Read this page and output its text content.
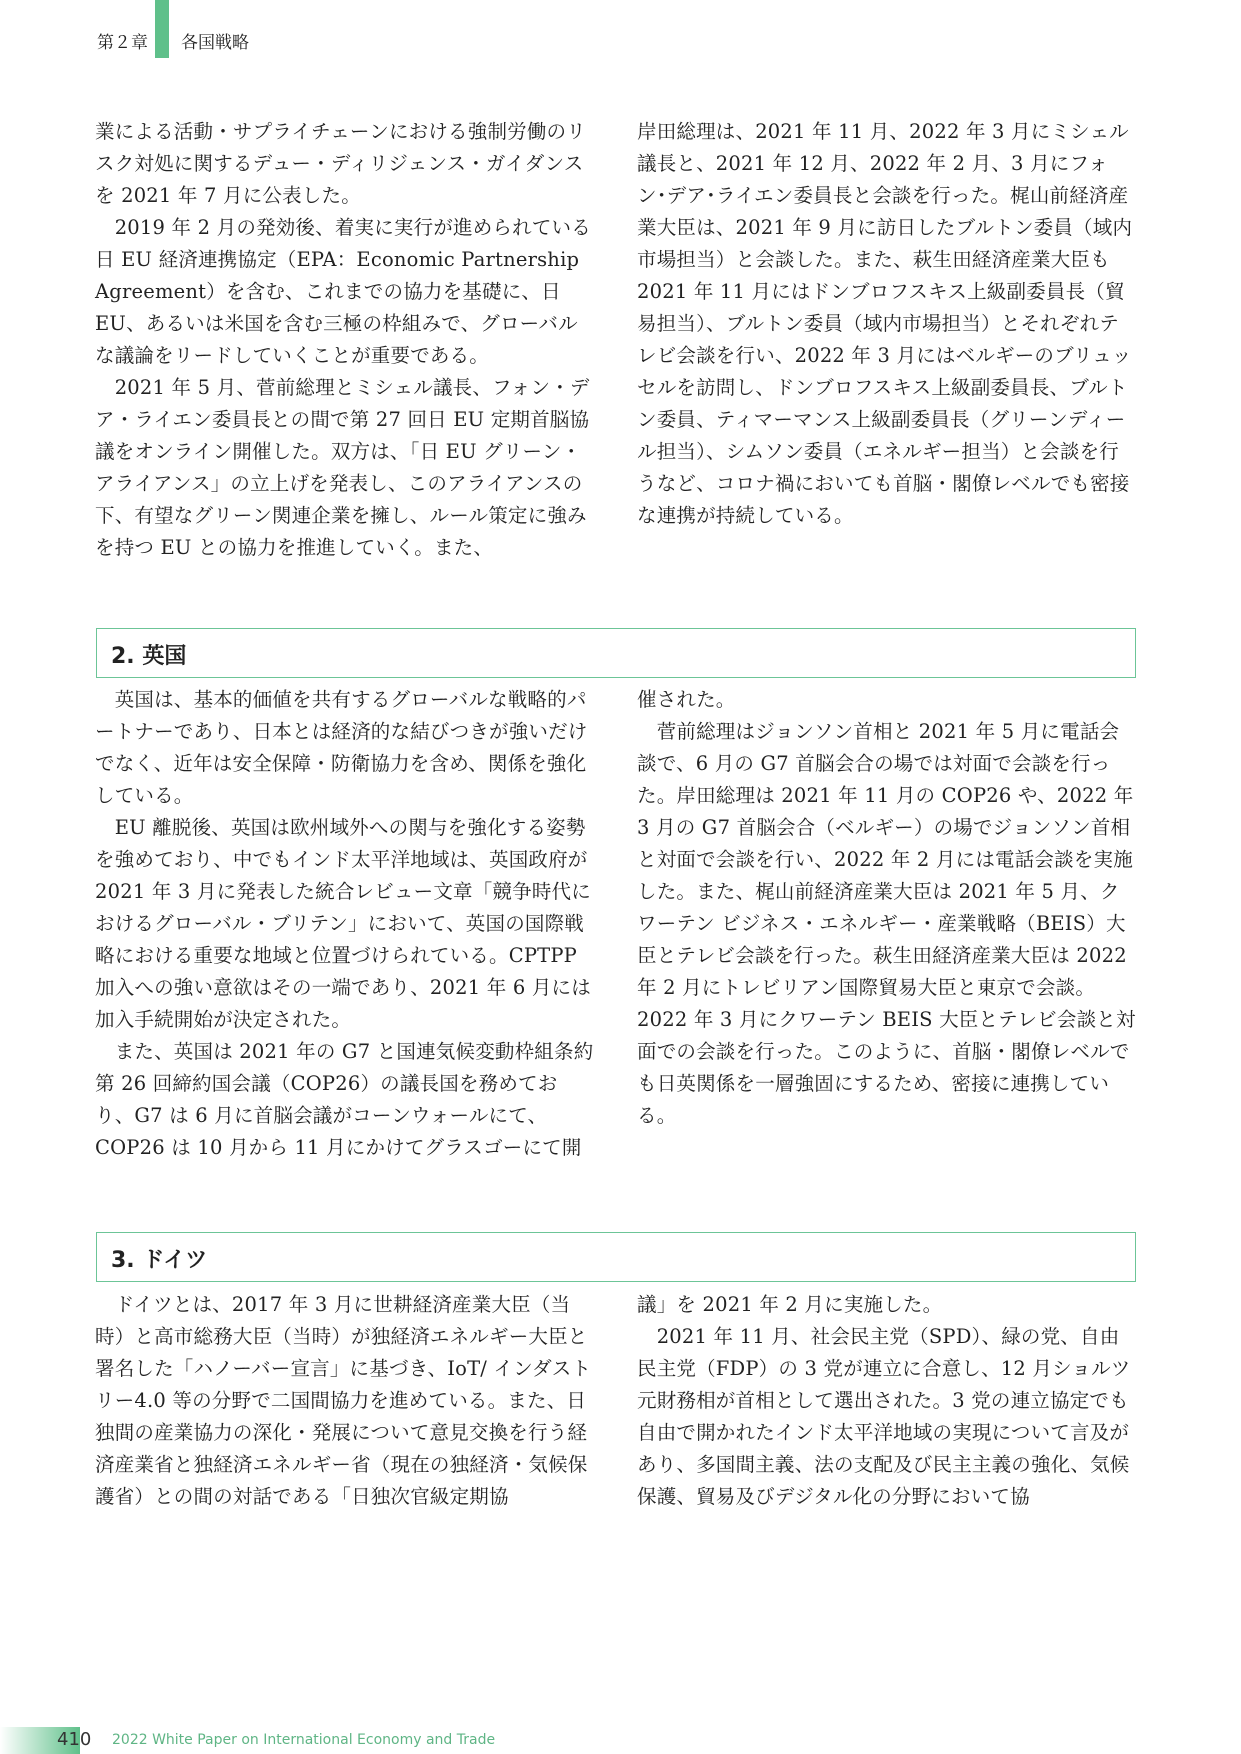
第２章 各国戦略

業による活動・サプライチェーンにおける強制労働のリスク対処に関するデュー・ディリジェンス・ガイダンスを 2021 年 7 月に公表した。

　2019 年 2 月の発効後、着実に実行が進められている日 EU 経済連携協定（EPA：Economic Partnership Agreement）を含む、これまでの協力を基礎に、日 EU、あるいは米国を含む三極の枠組みで、グローバルな議論をリードしていくことが重要である。

　2021 年 5 月、菅前総理とミシェル議長、フォン・デア・ライエン委員長との間で第 27 回日 EU 定期首脳協議をオンライン開催した。双方は、「日 EU グリーン・アライアンス」の立上げを発表し、このアライアンスの下、有望なグリーン関連企業を擁し、ルール策定に強みを持つ EU との協力を推進していく。また、

岸田総理は、2021 年 11 月、2022 年 3 月にミシェル議長と、2021 年 12 月、2022 年 2 月、3 月にフォン･デア･ライエン委員長と会談を行った。梶山前経済産業大臣は、2021 年 9 月に訪日したブルトン委員（域内市場担当）と会談した。また、萩生田経済産業大臣も 2021 年 11 月にはドンブロフスキス上級副委員長（貿易担当）、ブルトン委員（域内市場担当）とそれぞれテレビ会談を行い、2022 年 3 月にはベルギーのブリュッセルを訪問し、ドンブロフスキス上級副委員長、ブルトン委員、ティマーマンス上級副委員長（グリーンディール担当）、シムソン委員（エネルギー担当）と会談を行うなど、コロナ禍においても首脳・閣僚レベルでも密接な連携が持続している。

2. 英国

　英国は、基本的価値を共有するグローバルな戦略的パートナーであり、日本とは経済的な結びつきが強いだけでなく、近年は安全保障・防衛協力を含め、関係を強化している。

　EU 離脱後、英国は欧州域外への関与を強化する姿勢を強めており、中でもインド太平洋地域は、英国政府が 2021 年 3 月に発表した統合レビュー文章「競争時代におけるグローバル・ブリテン」において、英国の国際戦略における重要な地域と位置づけられている。CPTPP 加入への強い意欲はその一端であり、2021 年 6 月には加入手続開始が決定された。

　また、英国は 2021 年の G7 と国連気候変動枠組条約第 26 回締約国会議（COP26）の議長国を務めており、G7 は 6 月に首脳会議がコーンウォールにて、COP26 は 10 月から 11 月にかけてグラスゴーにて開

催された。

　菅前総理はジョンソン首相と 2021 年 5 月に電話会談で、6 月の G7 首脳会合の場では対面で会談を行った。岸田総理は 2021 年 11 月の COP26 や、2022 年 3 月の G7 首脳会合（ベルギー）の場でジョンソン首相と対面で会談を行い、2022 年 2 月には電話会談を実施した。また、梶山前経済産業大臣は 2021 年 5 月、クワーテン ビジネス・エネルギー・産業戦略（BEIS）大臣とテレビ会談を行った。萩生田経済産業大臣は 2022 年 2 月にトレビリアン国際貿易大臣と東京で会談。2022 年 3 月にクワーテン BEIS 大臣とテレビ会談と対面での会談を行った。このように、首脳・閣僚レベルでも日英関係を一層強固にするため、密接に連携している。

3. ドイツ

　ドイツとは、2017 年 3 月に世耕経済産業大臣（当時）と高市総務大臣（当時）が独経済エネルギー大臣と署名した「ハノーバー宣言」に基づき、IoT/ インダストリー4.0 等の分野で二国間協力を進めている。また、日独間の産業協力の深化・発展について意見交換を行う経済産業省と独経済エネルギー省（現在の独経済・気候保護省）との間の対話である「日独次官級定期協

議」を 2021 年 2 月に実施した。

　2021 年 11 月、社会民主党（SPD）、緑の党、自由民主党（FDP）の 3 党が連立に合意し、12 月ショルツ元財務相が首相として選出された。3 党の連立協定でも自由で開かれたインド太平洋地域の実現について言及があり、多国間主義、法の支配及び民主主義の強化、気候保護、貿易及びデジタル化の分野において協

410 2022 White Paper on International Economy and Trade
